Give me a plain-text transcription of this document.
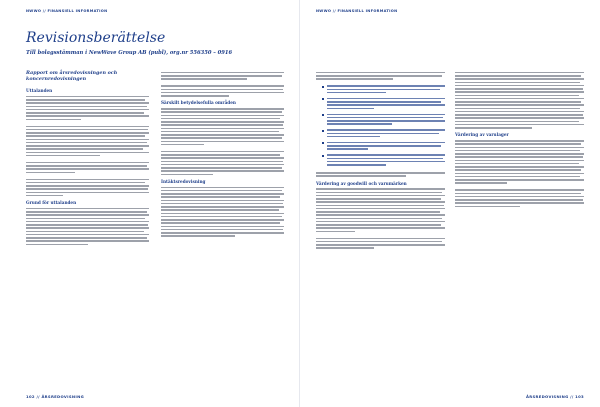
NWWO // FINANSIELL INFORMATION
Revisionsberättelse
Till bolagsstämman i NewWave Group AB (publ), org.nr 556350 – 0916
Rapport om årsredovisningen och koncernredovisningen
Uttalanden
Grund för uttalanden
Särskilt betydelsefulla områden
Intäktsredovisning
102 // ÅRSREDOVISNING
NWWO // FINANSIELL INFORMATION
Värdering av goodwill och varumärken
Värdering av varulager
ÅRSREDOVISNING // 103
